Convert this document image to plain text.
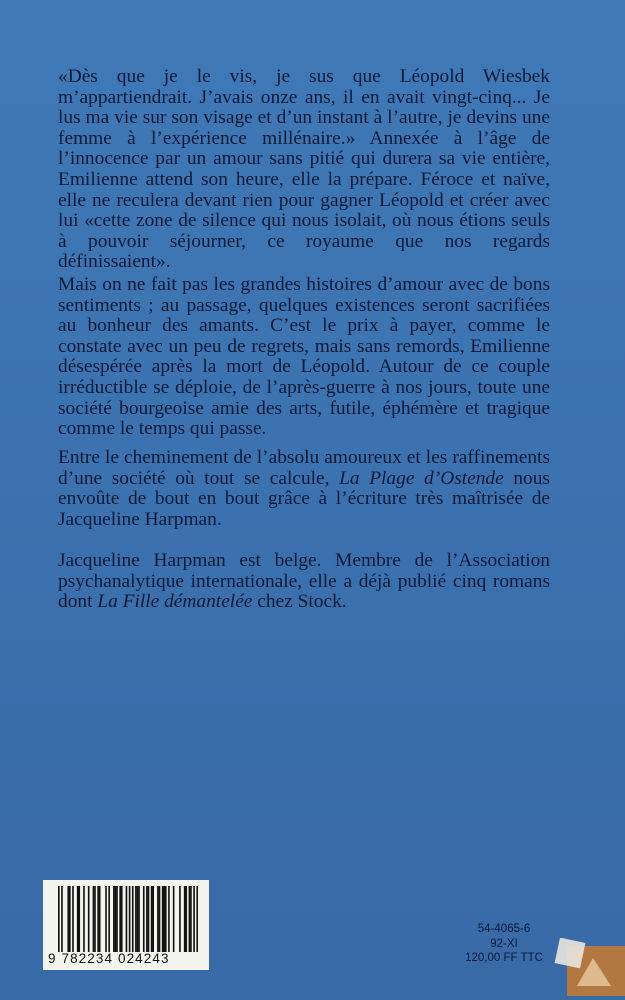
«Dès que je le vis, je sus que Léopold Wiesbek m’appartiendrait. J’avais onze ans, il en avait vingt-cinq... Je lus ma vie sur son visage et d’un instant à l’autre, je devins une femme à l’expérience millénaire.» Annexée à l’âge de l’innocence par un amour sans pitié qui durera sa vie entière, Emilienne attend son heure, elle la prépare. Féroce et naïve, elle ne reculera devant rien pour gagner Léopold et créer avec lui «cette zone de silence qui nous isolait, où nous étions seuls à pouvoir séjourner, ce royaume que nos regards définissaient».

Mais on ne fait pas les grandes histoires d’amour avec de bons sentiments ; au passage, quelques existences seront sacrifiées au bonheur des amants. C’est le prix à payer, comme le constate avec un peu de regrets, mais sans remords, Emilienne désespérée après la mort de Léopold. Autour de ce couple irréductible se déploie, de l’après-guerre à nos jours, toute une société bourgeoise amie des arts, futile, éphémère et tragique comme le temps qui passe.

Entre le cheminement de l’absolu amoureux et les raffinements d’une société où tout se calcule, La Plage d’Ostende nous envoûte de bout en bout grâce à l’écriture très maîtrisée de Jacqueline Harpman.

Jacqueline Harpman est belge. Membre de l’Association psychanalytique internationale, elle a déjà publié cinq romans dont La Fille démantelée chez Stock.

9 782234 024243
54-4065-6
92-XI
120,00 FF TTC
